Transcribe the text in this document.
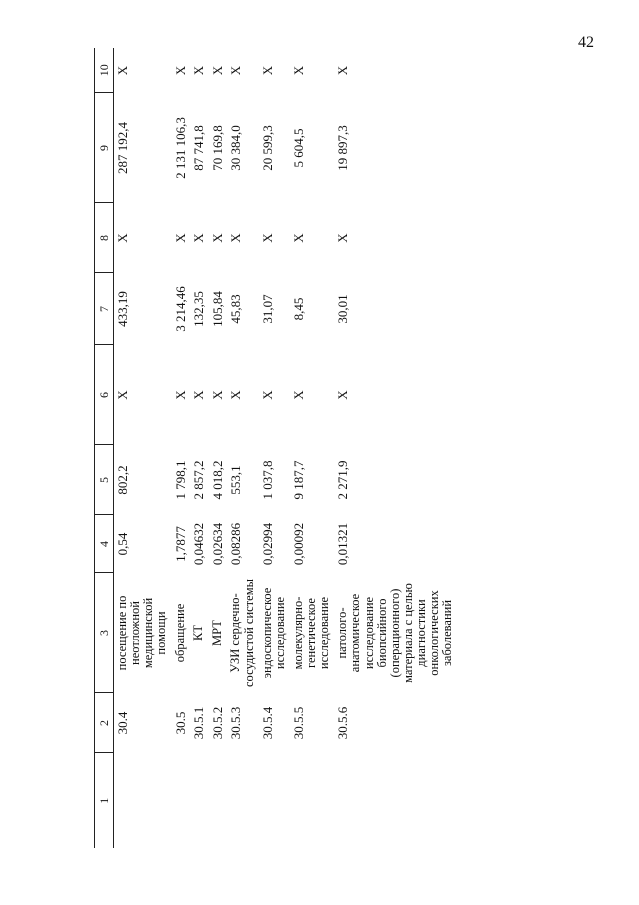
42
1	2	3	4	5	6	7	8	9	10
	30.4	посещение по неотложной медицинской помощи	0,54	802,2	X	433,19	X	287 192,4	X
	30.5	обращение	1,7877	1 798,1	X	3 214,46	X	2 131 106,3	X
	30.5.1	КТ	0,04632	2 857,2	X	132,35	X	87 741,8	X
	30.5.2	МРТ	0,02634	4 018,2	X	105,84	X	70 169,8	X
	30.5.3	УЗИ сердечно-сосудистой системы	0,08286	553,1	X	45,83	X	30 384,0	X
	30.5.4	эндоскопическое исследование	0,02994	1 037,8	X	31,07	X	20 599,3	X
	30.5.5	молекулярно-генетическое исследование	0,00092	9 187,7	X	8,45	X	5 604,5	X
	30.5.6	патолого-анатомическое исследование биопсийного (операционного) материала с целью диагностики онкологических заболеваний	0,01321	2 271,9	X	30,01	X	19 897,3	X
